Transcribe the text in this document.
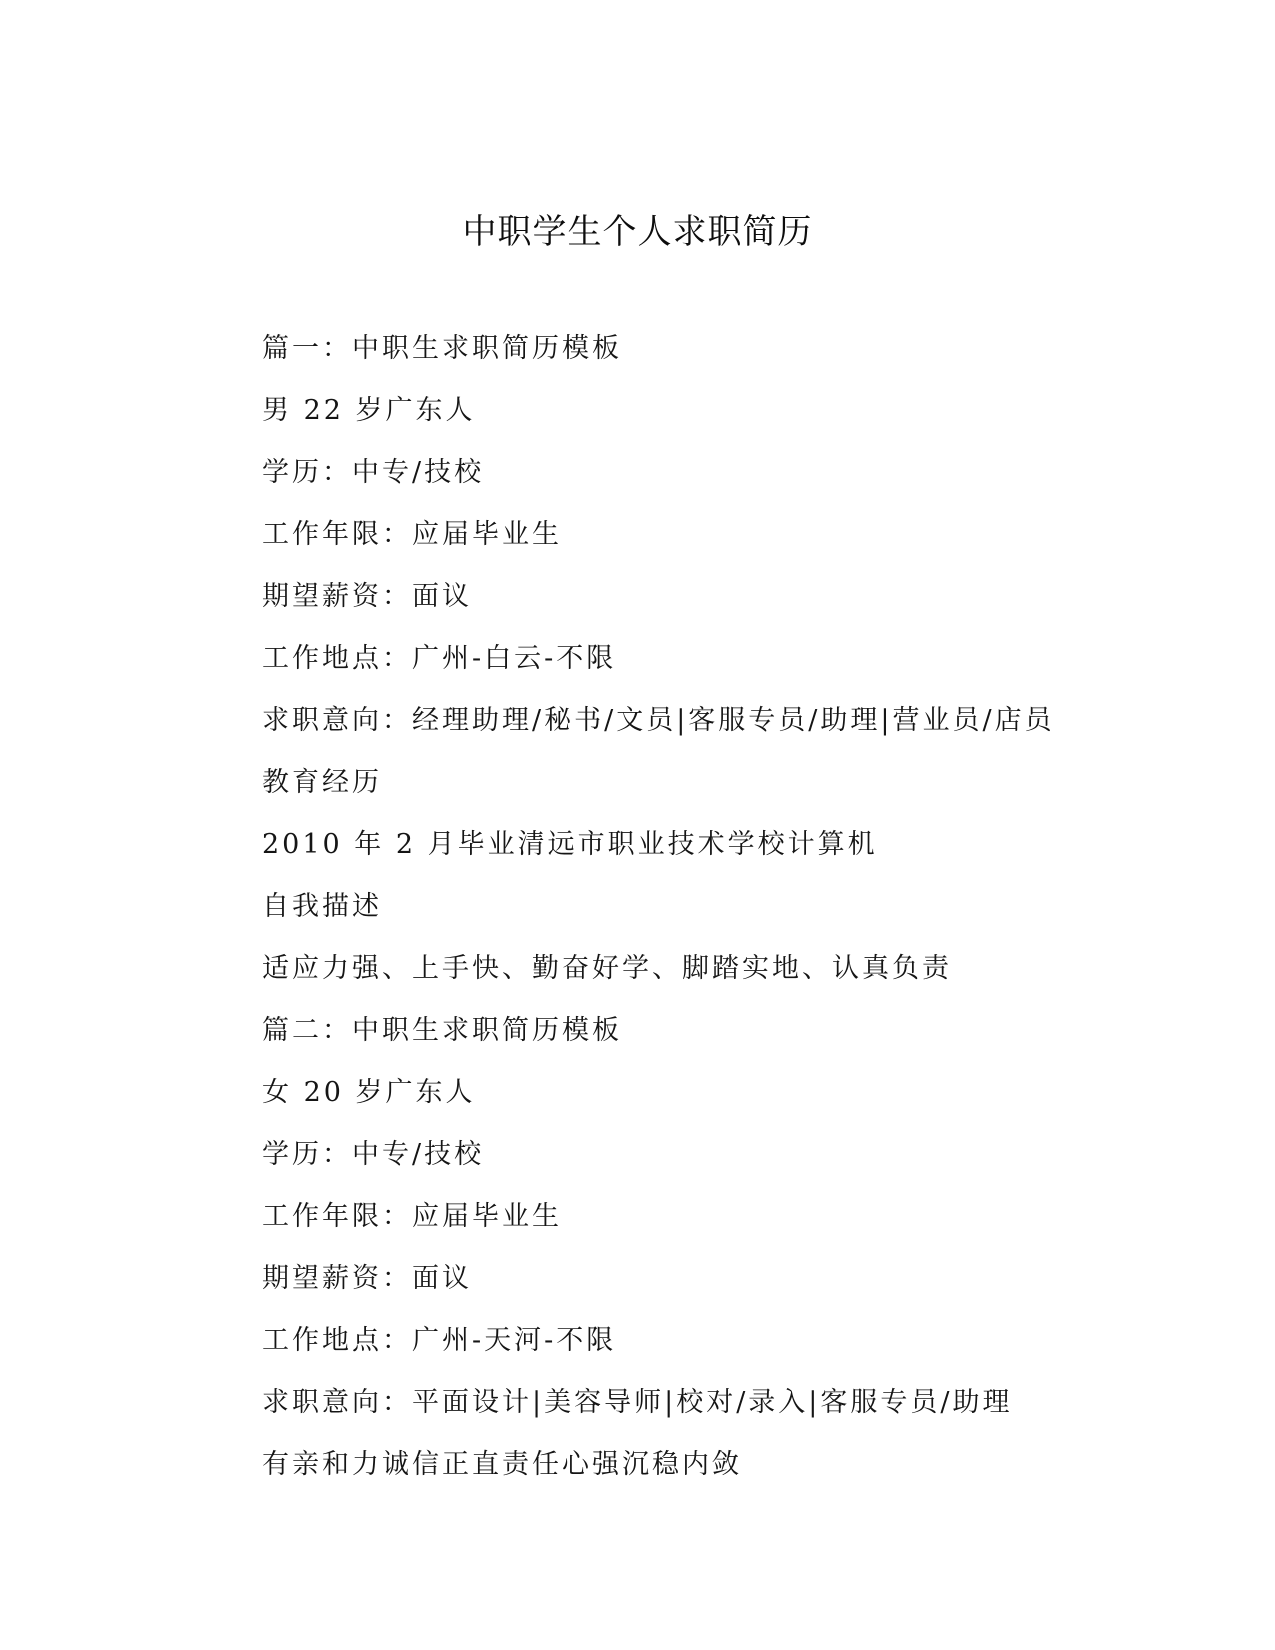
中职学生个人求职简历
篇一：中职生求职简历模板
男 22 岁广东人
学历：中专/技校
工作年限：应届毕业生
期望薪资：面议
工作地点：广州-白云-不限
求职意向：经理助理/秘书/文员|客服专员/助理|营业员/店员
教育经历
2010 年 2 月毕业清远市职业技术学校计算机
自我描述
适应力强、上手快、勤奋好学、脚踏实地、认真负责
篇二：中职生求职简历模板
女 20 岁广东人
学历：中专/技校
工作年限：应届毕业生
期望薪资：面议
工作地点：广州-天河-不限
求职意向：平面设计|美容导师|校对/录入|客服专员/助理
有亲和力诚信正直责任心强沉稳内敛
